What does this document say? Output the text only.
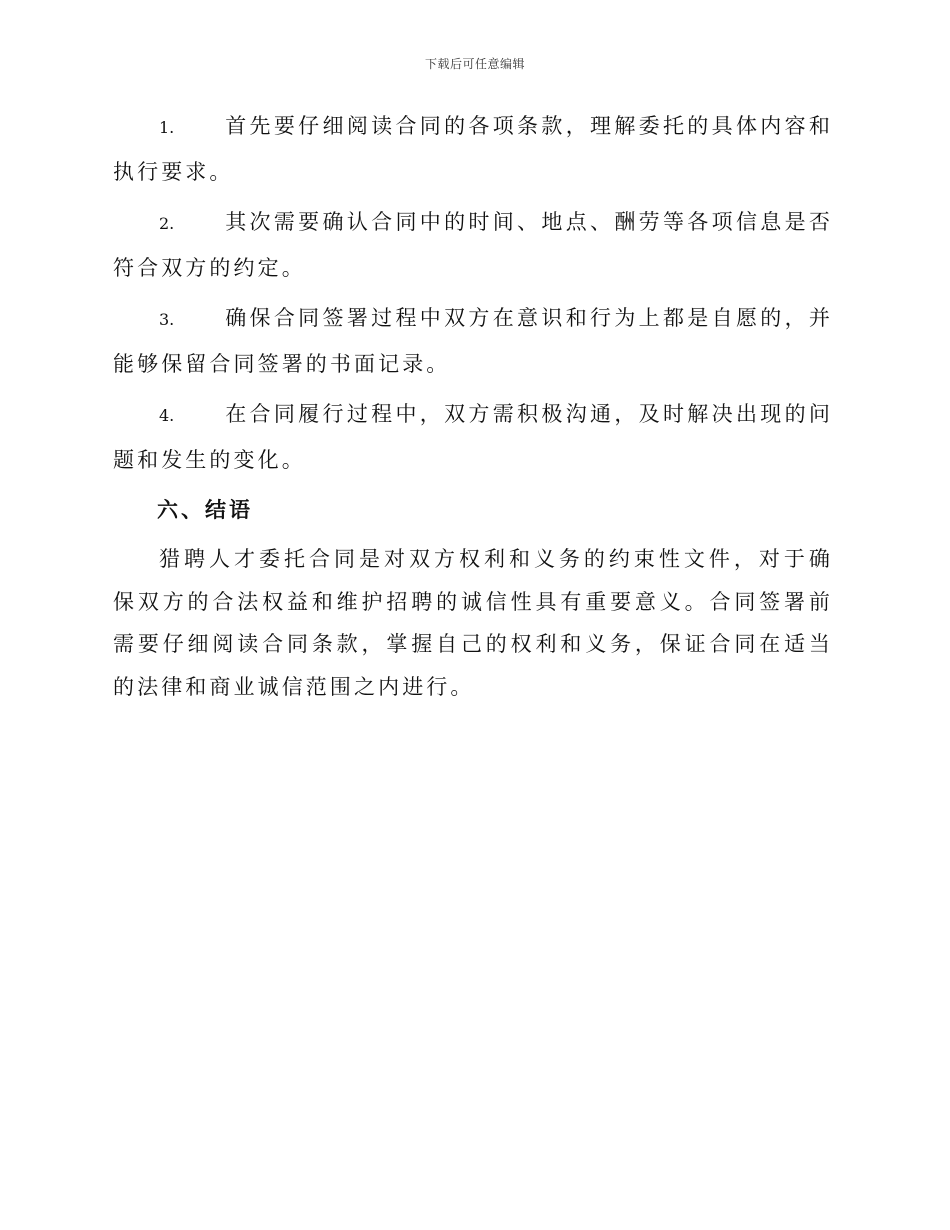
下载后可任意编辑

1. 首先要仔细阅读合同的各项条款，理解委托的具体内容和执行要求。

2. 其次需要确认合同中的时间、地点、酬劳等各项信息是否符合双方的约定。

3. 确保合同签署过程中双方在意识和行为上都是自愿的，并能够保留合同签署的书面记录。

4. 在合同履行过程中，双方需积极沟通，及时解决出现的问题和发生的变化。

六、结语

猎聘人才委托合同是对双方权利和义务的约束性文件，对于确保双方的合法权益和维护招聘的诚信性具有重要意义。合同签署前需要仔细阅读合同条款，掌握自己的权利和义务，保证合同在适当的法律和商业诚信范围之内进行。
